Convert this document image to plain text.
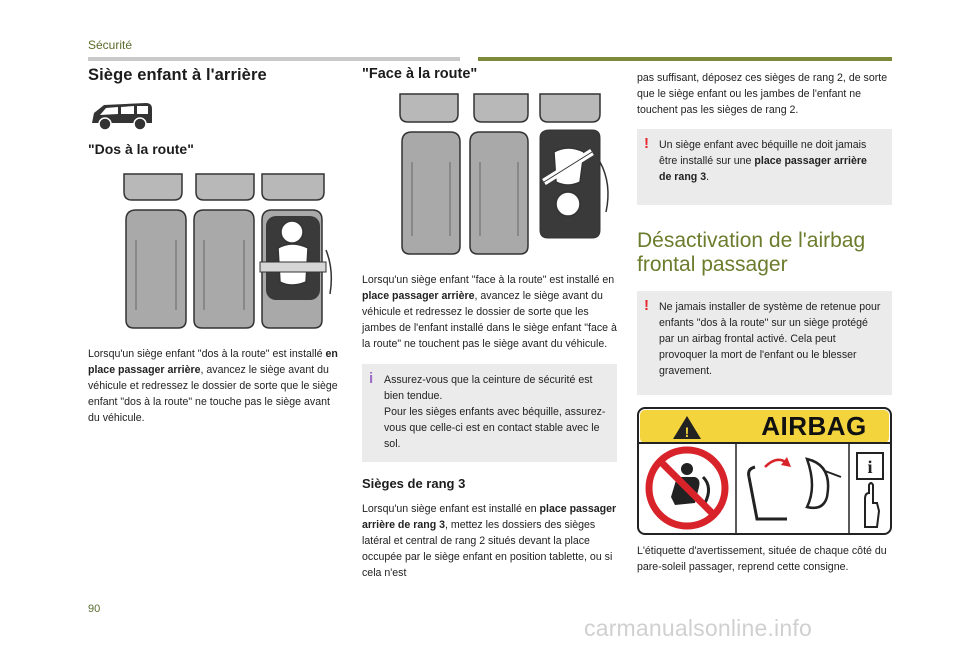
Sécurité
Siège enfant à l'arrière
"Dos à la route"

Lorsqu'un siège enfant "dos à la route" est installé en place passager arrière, avancez le siège avant du véhicule et redressez le dossier de sorte que le siège enfant "dos à la route" ne touche pas le siège avant du véhicule.

"Face à la route"

Lorsqu'un siège enfant "face à la route" est installé en place passager arrière, avancez le siège avant du véhicule et redressez le dossier de sorte que les jambes de l'enfant installé dans le siège enfant "face à la route" ne touchent pas le siège avant du véhicule.

i Assurez-vous que la ceinture de sécurité est bien tendue.

Pour les sièges enfants avec béquille, assurez-vous que celle-ci est en contact stable avec le sol.

Sièges de rang 3

Lorsqu'un siège enfant est installé en place passager arrière de rang 3, mettez les dossiers des sièges latéral et central de rang 2 situés devant la place occupée par le siège enfant en position tablette, ou si cela n'est

pas suffisant, déposez ces sièges de rang 2, de sorte que le siège enfant ou les jambes de l'enfant ne touchent pas les sièges de rang 2.

! Un siège enfant avec béquille ne doit jamais être installé sur une place passager arrière de rang 3.

Désactivation de l'airbag frontal passager
! Ne jamais installer de système de retenue pour enfants "dos à la route" sur un siège protégé par un airbag frontal activé. Cela peut provoquer la mort de l'enfant ou le blesser gravement.

!
i
AIRBAG

L'étiquette d'avertissement, située de chaque côté du pare-soleil passager, reprend cette consigne.

90
carmanualsonline.info
